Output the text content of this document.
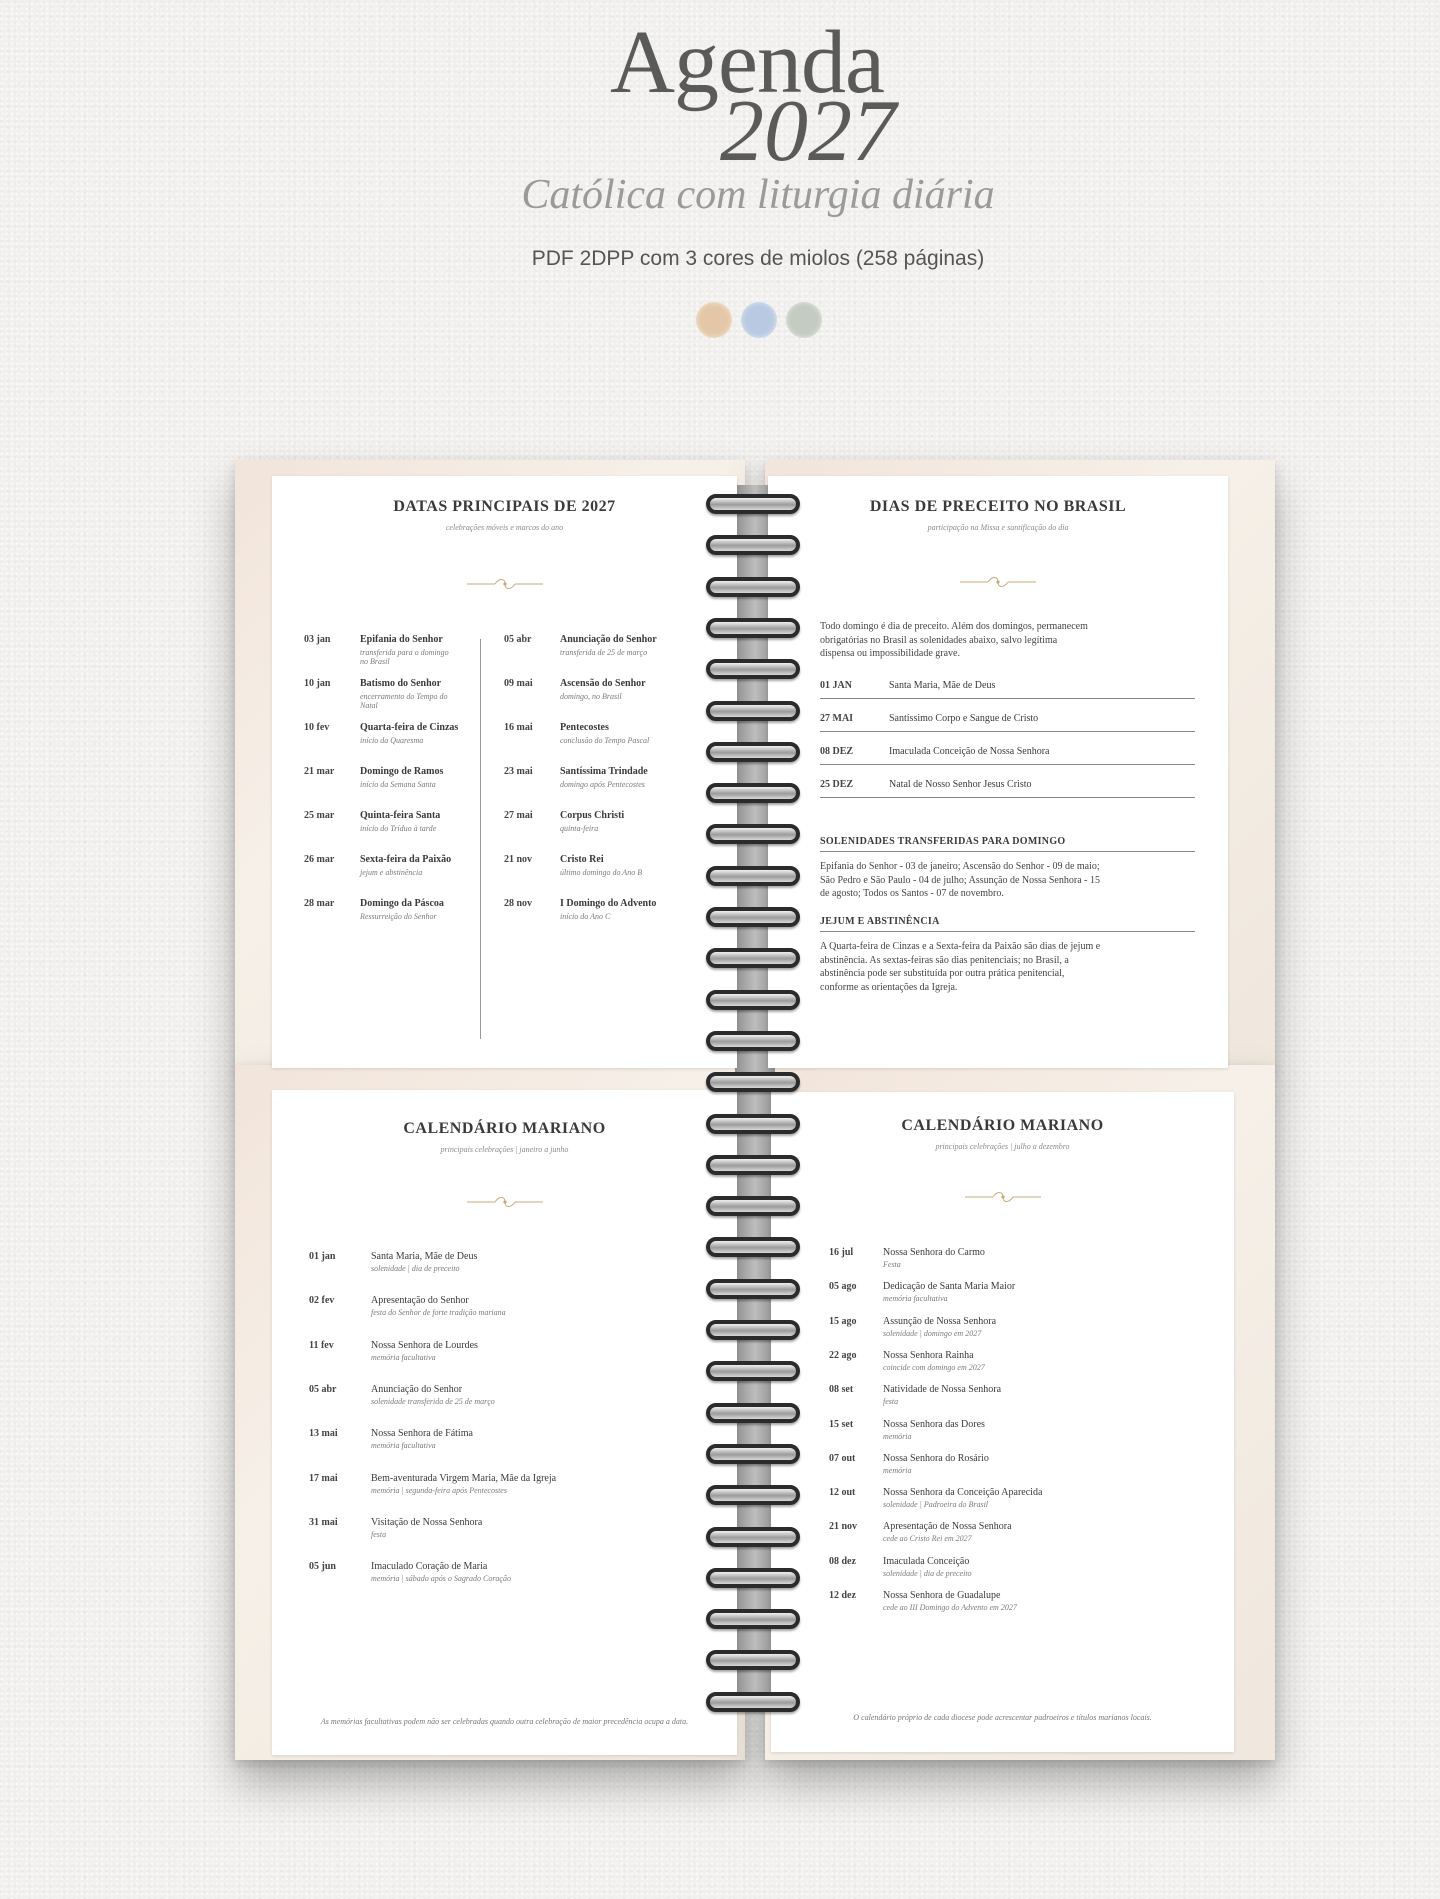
Agenda
2027
Católica com liturgia diária
PDF 2DPP com 3 cores de miolos (258 páginas)
DATAS PRINCIPAIS DE 2027
celebrações móveis e marcos do ano
03 jan	Epifania do Senhor
transferida para o domingo
no Brasil
10 jan	Batismo do Senhor
encerramento do Tempo do
Natal
10 fev	Quarta-feira de Cinzas
início da Quaresma
21 mar	Domingo de Ramos
início da Semana Santa
25 mar	Quinta-feira Santa
início do Tríduo à tarde
26 mar	Sexta-feira da Paixão
jejum e abstinência
28 mar	Domingo da Páscoa
Ressurreição do Senhor
05 abr	Anunciação do Senhor
transferida de 25 de março
09 mai	Ascensão do Senhor
domingo, no Brasil
16 mai	Pentecostes
conclusão do Tempo Pascal
23 mai	Santíssima Trindade
domingo após Pentecostes
27 mai	Corpus Christi
quinta-feira
21 nov	Cristo Rei
último domingo do Ano B
28 nov	I Domingo do Advento
início do Ano C
DIAS DE PRECEITO NO BRASIL
participação na Missa e santificação do dia
Todo domingo é dia de preceito. Além dos domingos, permanecem
obrigatórias no Brasil as solenidades abaixo, salvo legítima
dispensa ou impossibilidade grave.
01 JAN	Santa Maria, Mãe de Deus
27 MAI	Santíssimo Corpo e Sangue de Cristo
08 DEZ	Imaculada Conceição de Nossa Senhora
25 DEZ	Natal de Nosso Senhor Jesus Cristo
SOLENIDADES TRANSFERIDAS PARA DOMINGO
Epifania do Senhor - 03 de janeiro; Ascensão do Senhor - 09 de maio;
São Pedro e São Paulo - 04 de julho; Assunção de Nossa Senhora - 15
de agosto; Todos os Santos - 07 de novembro.
JEJUM E ABSTINÊNCIA
A Quarta-feira de Cinzas e a Sexta-feira da Paixão são dias de jejum e
abstinência. As sextas-feiras são dias penitenciais; no Brasil, a
abstinência pode ser substituída por outra prática penitencial,
conforme as orientações da Igreja.
CALENDÁRIO MARIANO
principais celebrações | janeiro a junho
01 jan	Santa Maria, Mãe de Deus
solenidade | dia de preceito
02 fev	Apresentação do Senhor
festa do Senhor de forte tradição mariana
11 fev	Nossa Senhora de Lourdes
memória facultativa
05 abr	Anunciação do Senhor
solenidade transferida de 25 de março
13 mai	Nossa Senhora de Fátima
memória facultativa
17 mai	Bem-aventurada Virgem Maria, Mãe da Igreja
memória | segunda-feira após Pentecostes
31 mai	Visitação de Nossa Senhora
festa
05 jun	Imaculado Coração de Maria
memória | sábado após o Sagrado Coração
As memórias facultativas podem não ser celebradas quando outra celebração de maior precedência ocupa a data.
CALENDÁRIO MARIANO
principais celebrações | julho a dezembro
16 jul	Nossa Senhora do Carmo
Festa
05 ago	Dedicação de Santa Maria Maior
memória facultativa
15 ago	Assunção de Nossa Senhora
solenidade | domingo em 2027
22 ago	Nossa Senhora Rainha
coincide com domingo em 2027
08 set	Natividade de Nossa Senhora
festa
15 set	Nossa Senhora das Dores
memória
07 out	Nossa Senhora do Rosário
memória
12 out	Nossa Senhora da Conceição Aparecida
solenidade | Padroeira do Brasil
21 nov	Apresentação de Nossa Senhora
cede ao Cristo Rei em 2027
08 dez	Imaculada Conceição
solenidade | dia de preceito
12 dez	Nossa Senhora de Guadalupe
cede ao III Domingo do Advento em 2027
O calendário próprio de cada diocese pode acrescentar padroeiros e títulos marianos locais.
